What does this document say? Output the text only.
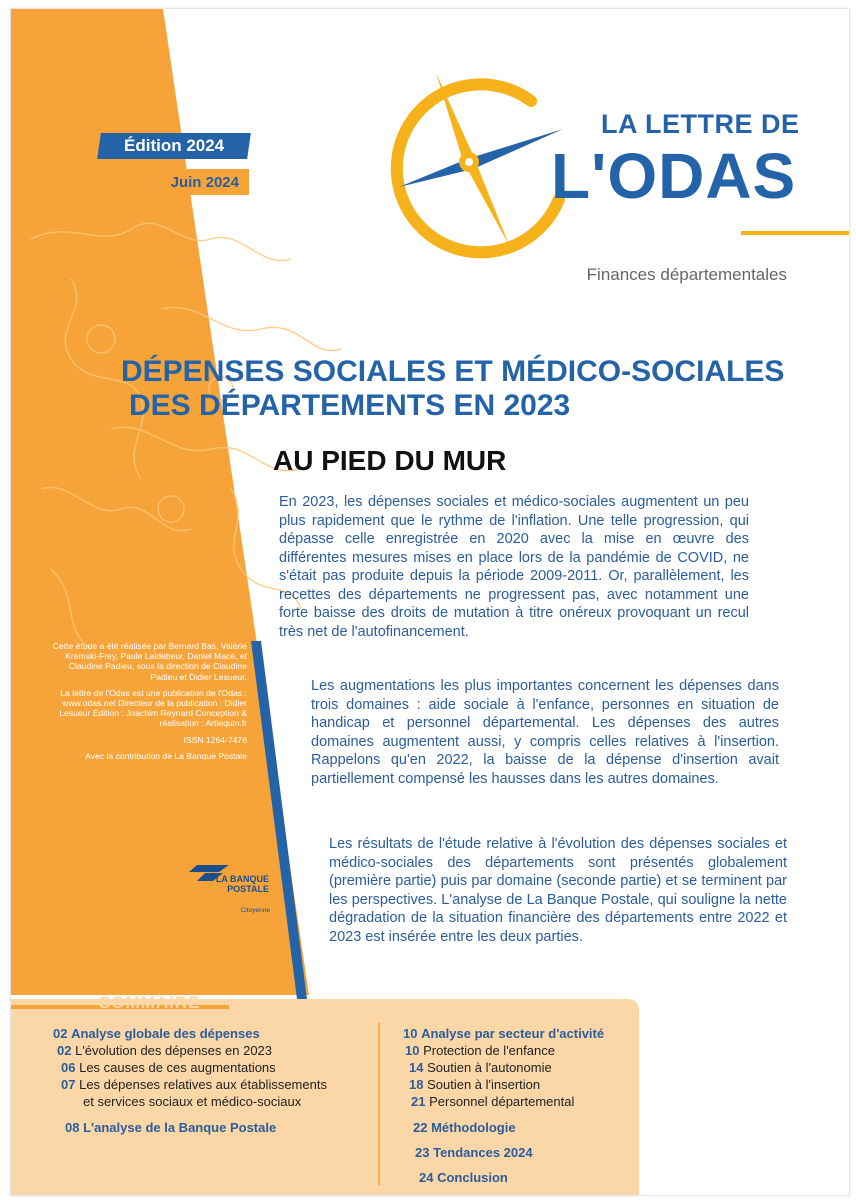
Édition 2024
Juin 2024
LA LETTRE DE
L'ODAS
Finances départementales
DÉPENSES SOCIALES ET MÉDICO-SOCIALES
DES DÉPARTEMENTS EN 2023
AU PIED DU MUR
En 2023, les dépenses sociales et médico-sociales augmentent un peu plus rapidement que le rythme de l'inflation. Une telle progression, qui dépasse celle enregistrée en 2020 avec la mise en œuvre des différentes mesures mises en place lors de la pandémie de COVID, ne s'était pas produite depuis la période 2009-2011. Or, parallèlement, les recettes des départements ne progressent pas, avec notamment une forte baisse des droits de mutation à titre onéreux provoquant un recul très net de l'autofinancement.
Les augmentations les plus importantes concernent les dépenses dans trois domaines : aide sociale à l'enfance, personnes en situation de handicap et personnel départemental. Les dépenses des autres domaines augmentent aussi, y compris celles relatives à l'insertion. Rappelons qu'en 2022, la baisse de la dépense d'insertion avait partiellement compensé les hausses dans les autres domaines.
Les résultats de l'étude relative à l'évolution des dépenses sociales et médico-sociales des départements sont présentés globalement (première partie) puis par domaine (seconde partie) et se terminent par les perspectives. L'analyse de La Banque Postale, qui souligne la nette dégradation de la situation financière des départements entre 2022 et 2023 est insérée entre les deux parties.

Cette étude a été réalisée par Bernard Bas, Valérie Kremski-Frey, Paule Laidebeur, Daniel Macé, et Claudine Padieu, sous la direction de Claudine Padieu et Didier Lesueur.

La lettre de l'Odas est une publication de l'Odas : www.odas.net Directeur de la publication : Didier Lesueur Édition : Joachim Reynard Conception & réalisation : Artlequin.fr

ISSN 1264-7476

Avec la contribution de La Banque Postale

LA BANQUE POSTALE
Citoyenne
SOMMAIRE
02 Analyse globale des dépenses
02 L'évolution des dépenses en 2023
06 Les causes de ces augmentations
07 Les dépenses relatives aux établissements
et services sociaux et médico-sociaux
08 L'analyse de la Banque Postale
10 Analyse par secteur d'activité
10 Protection de l'enfance
14 Soutien à l'autonomie
18 Soutien à l'insertion
21 Personnel départemental
22 Méthodologie
23 Tendances 2024
24 Conclusion
